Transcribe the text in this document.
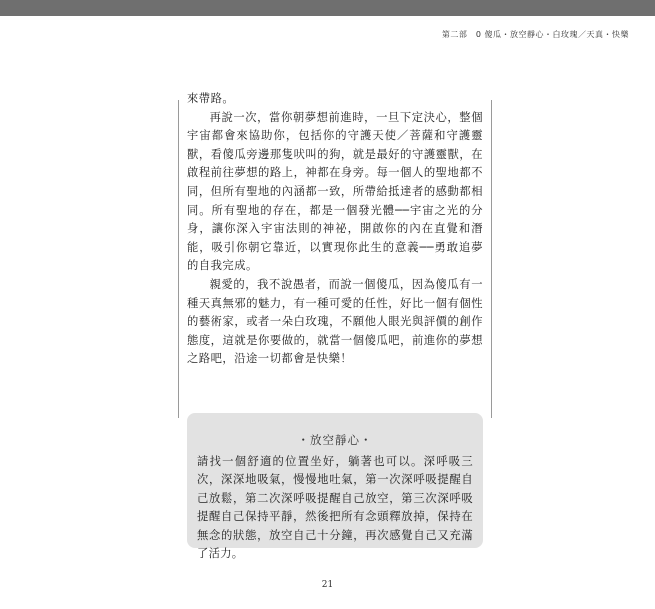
第二部　0 傻瓜・放空靜心・白玫瑰／天真・快樂

來帶路。

再說一次，當你朝夢想前進時，一旦下定決心，整個宇宙都會來協助你，包括你的守護天使／菩薩和守護靈獸，看傻瓜旁邊那隻吠叫的狗，就是最好的守護靈獸，在啟程前往夢想的路上，神都在身旁。每一個人的聖地都不同，但所有聖地的內涵都一致，所帶給抵達者的感動都相同。所有聖地的存在，都是一個發光體──宇宙之光的分身，讓你深入宇宙法則的神祕，開啟你的內在直覺和潛能，吸引你朝它靠近，以實現你此生的意義──勇敢追夢的自我完成。

親愛的，我不說愚者，而說一個傻瓜，因為傻瓜有一種天真無邪的魅力，有一種可愛的任性，好比一個有個性的藝術家，或者一朵白玫瑰，不願他人眼光與評價的創作態度，這就是你要做的，就當一個傻瓜吧，前進你的夢想之路吧，沿途一切都會是快樂！

・放空靜心・
請找一個舒適的位置坐好，躺著也可以。深呼吸三次，深深地吸氣，慢慢地吐氣，第一次深呼吸提醒自己放鬆，第二次深呼吸提醒自己放空，第三次深呼吸提醒自己保持平靜，然後把所有念頭釋放掉，保持在無念的狀態，放空自己十分鐘，再次感覺自己又充滿了活力。
21
